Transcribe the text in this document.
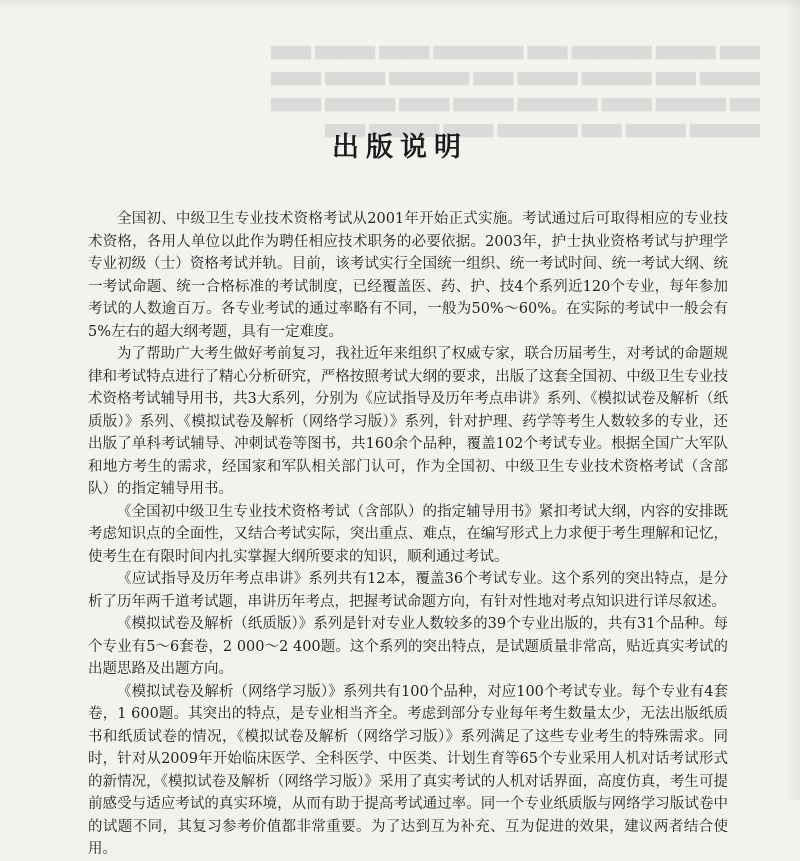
▇▇▇▇ ▇▇▇▇▇▇ ▇▇▇▇▇▇▇▇ ▇▇▇▇ ▇▇▇▇▇▇▇▇▇ ▇▇▇▇▇ ▇▇▇▇▇▇ ▇▇▇▇
▇▇▇▇▇▇ ▇▇▇▇ ▇▇▇▇▇▇▇ ▇▇▇▇▇▇ ▇▇▇▇ ▇▇▇▇▇▇▇▇ ▇▇▇▇▇▇ ▇▇▇▇▇
▇▇▇ ▇▇▇▇▇▇▇ ▇▇▇▇▇ ▇▇▇▇▇▇▇▇ ▇▇▇▇▇▇ ▇▇▇▇▇ ▇▇▇▇▇▇▇ ▇▇▇▇▇
▇▇▇▇▇▇▇ ▇▇▇▇▇▇ ▇▇▇▇ ▇▇▇▇▇▇▇▇ ▇▇▇▇▇ ▇▇▇▇▇▇▇ ▇▇▇▇
出版说明

全国初、中级卫生专业技术资格考试从2001年开始正式实施。考试通过后可取得相应的专业技术资格，各用人单位以此作为聘任相应技术职务的必要依据。2003年，护士执业资格考试与护理学专业初级（士）资格考试并轨。目前，该考试实行全国统一组织、统一考试时间、统一考试大纲、统一考试命题、统一合格标准的考试制度，已经覆盖医、药、护、技4个系列近120个专业，每年参加考试的人数逾百万。各专业考试的通过率略有不同，一般为50%～60%。在实际的考试中一般会有5%左右的超大纲考题，具有一定难度。

为了帮助广大考生做好考前复习，我社近年来组织了权威专家，联合历届考生，对考试的命题规律和考试特点进行了精心分析研究，严格按照考试大纲的要求，出版了这套全国初、中级卫生专业技术资格考试辅导用书，共3大系列，分别为《应试指导及历年考点串讲》系列、《模拟试卷及解析（纸质版）》系列、《模拟试卷及解析（网络学习版）》系列，针对护理、药学等考生人数较多的专业，还出版了单科考试辅导、冲刺试卷等图书，共160余个品种，覆盖102个考试专业。根据全国广大军队和地方考生的需求，经国家和军队相关部门认可，作为全国初、中级卫生专业技术资格考试（含部队）的指定辅导用书。

《全国初中级卫生专业技术资格考试（含部队）的指定辅导用书》紧扣考试大纲，内容的安排既考虑知识点的全面性，又结合考试实际，突出重点、难点，在编写形式上力求便于考生理解和记忆，使考生在有限时间内扎实掌握大纲所要求的知识，顺利通过考试。

《应试指导及历年考点串讲》系列共有12本，覆盖36个考试专业。这个系列的突出特点，是分析了历年两千道考试题，串讲历年考点，把握考试命题方向，有针对性地对考点知识进行详尽叙述。

《模拟试卷及解析（纸质版）》系列是针对专业人数较多的39个专业出版的，共有31个品种。每个专业有5～6套卷，2 000～2 400题。这个系列的突出特点，是试题质量非常高，贴近真实考试的出题思路及出题方向。

《模拟试卷及解析（网络学习版）》系列共有100个品种，对应100个考试专业。每个专业有4套卷，1 600题。其突出的特点，是专业相当齐全。考虑到部分专业每年考生数量太少，无法出版纸质书和纸质试卷的情况，《模拟试卷及解析（网络学习版）》系列满足了这些专业考生的特殊需求。同时，针对从2009年开始临床医学、全科医学、中医类、计划生育等65个专业采用人机对话考试形式的新情况，《模拟试卷及解析（网络学习版）》采用了真实考试的人机对话界面，高度仿真，考生可提前感受与适应考试的真实环境，从而有助于提高考试通过率。同一个专业纸质版与网络学习版试卷中的试题不同，其复习参考价值都非常重要。为了达到互为补充、互为促进的效果，建议两者结合使用。
